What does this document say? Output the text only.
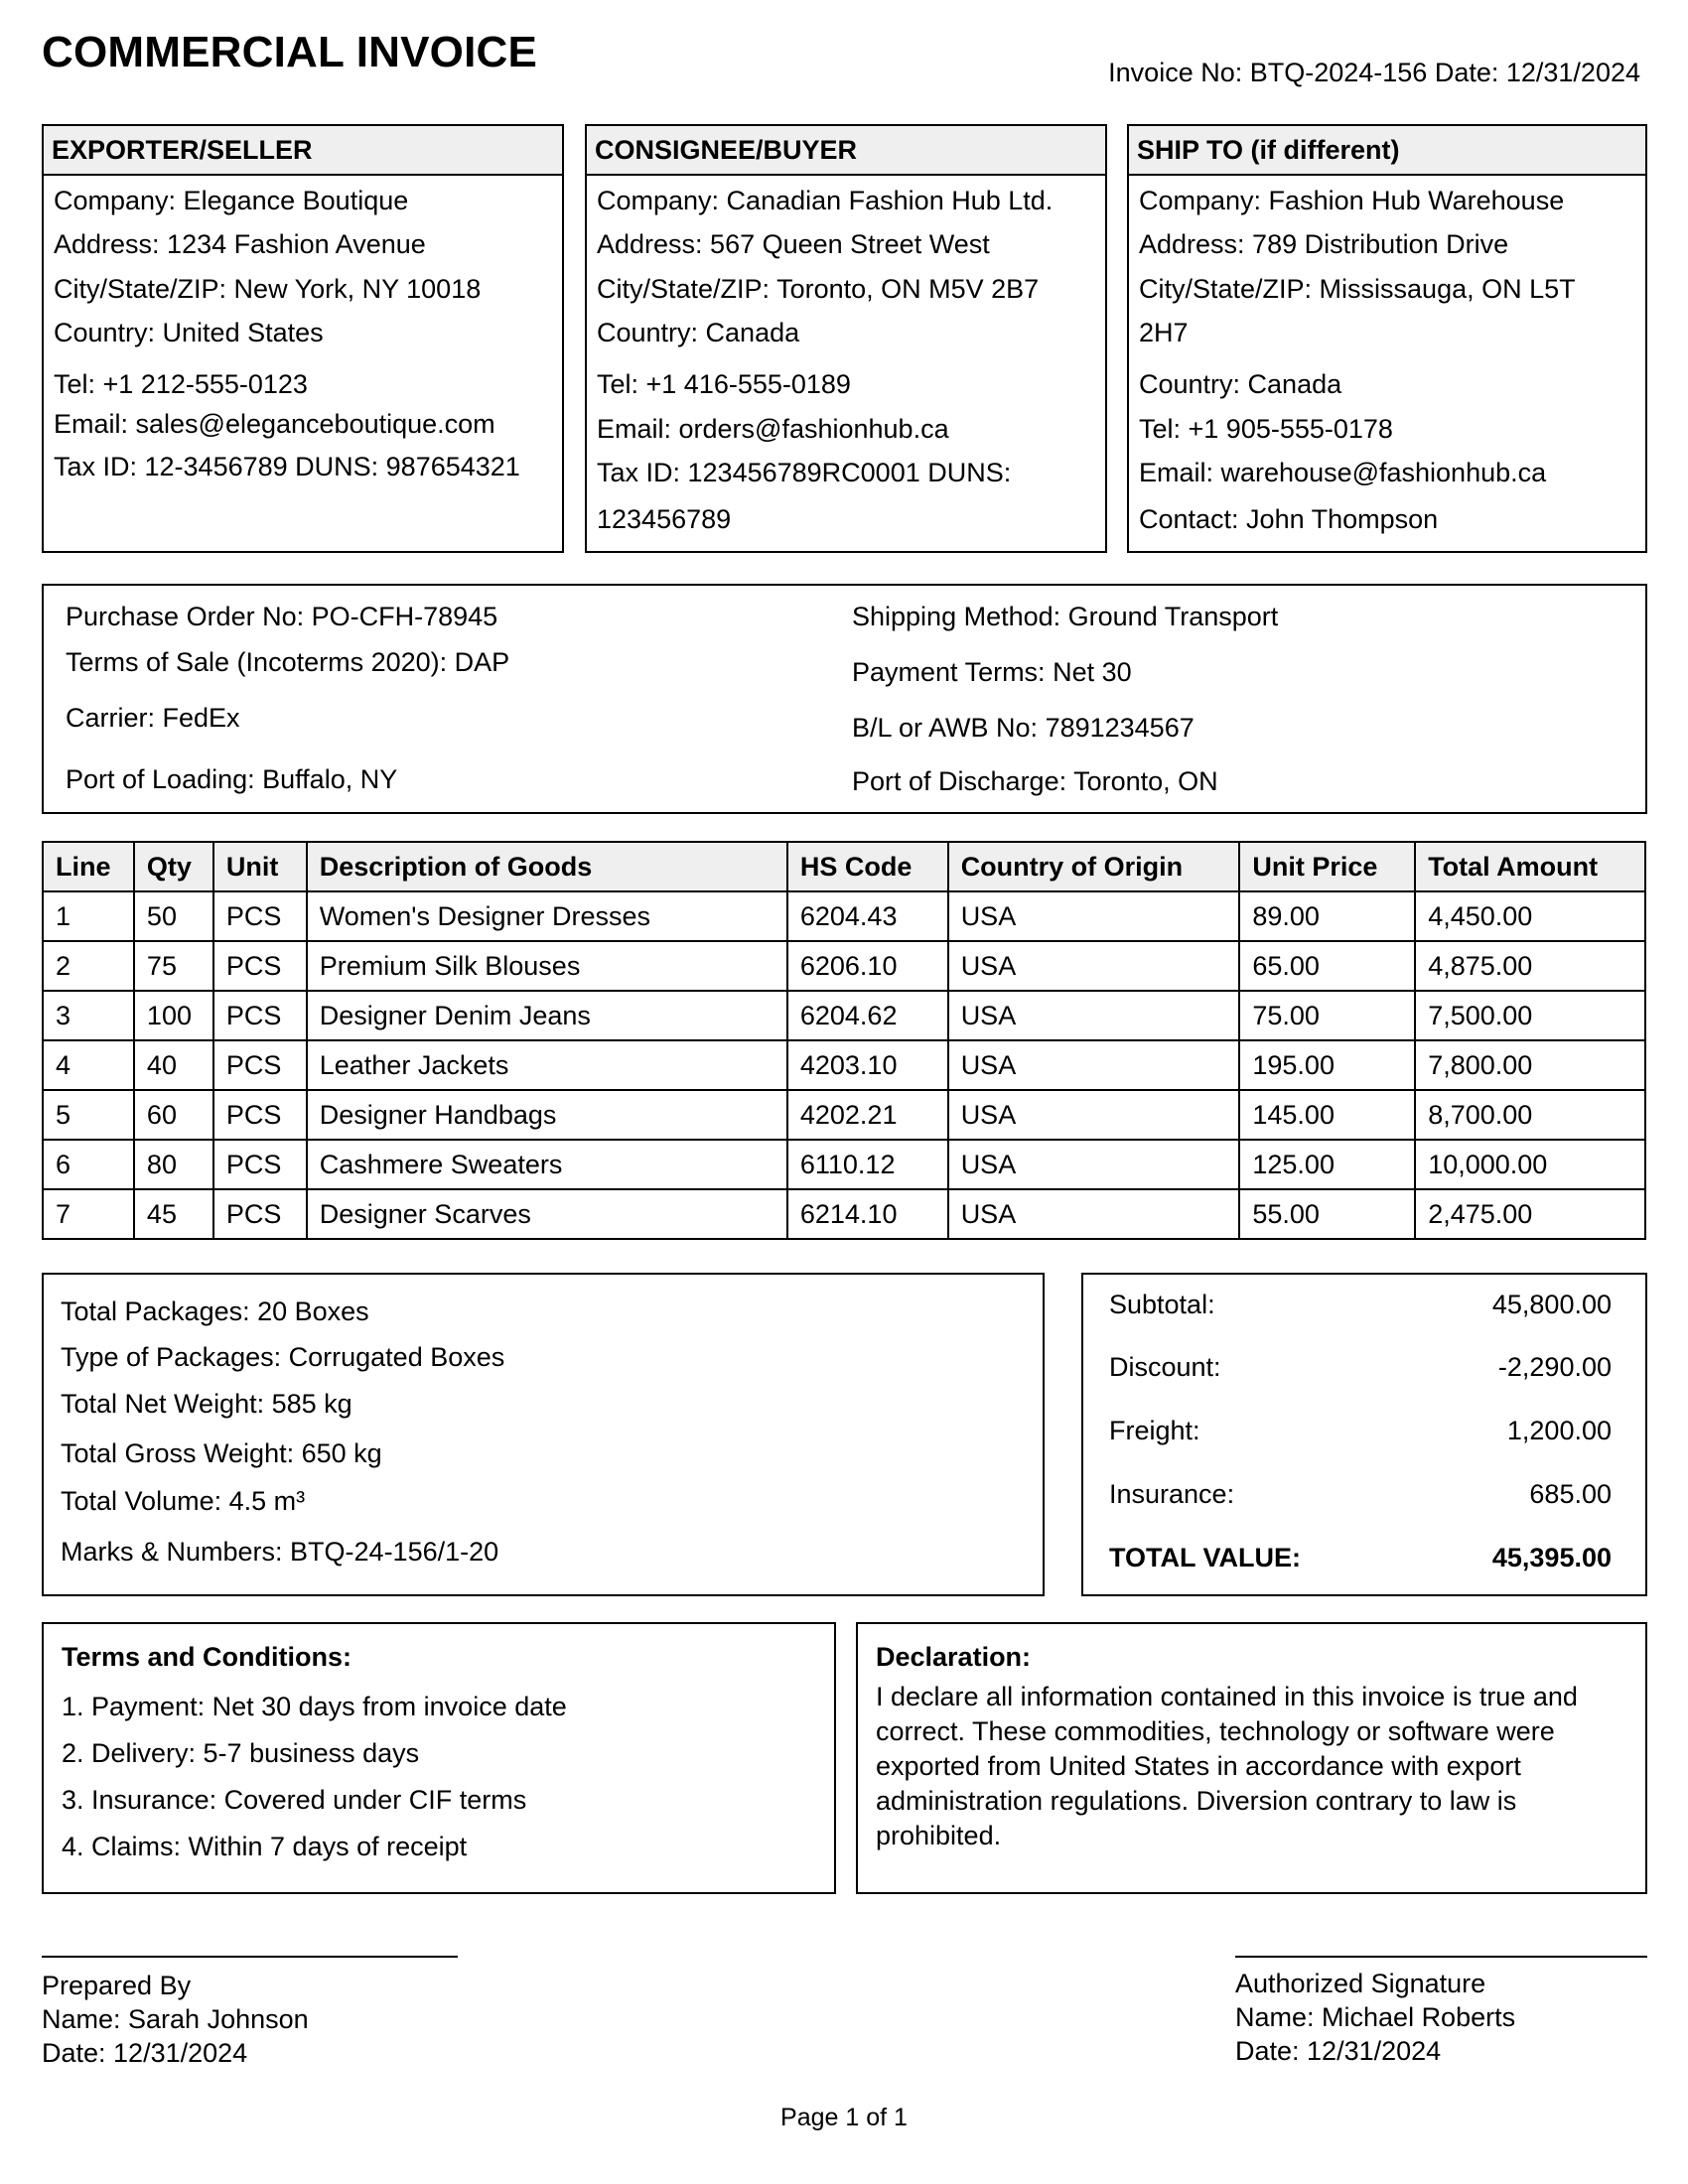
COMMERCIAL INVOICE	Invoice No: BTQ-2024-156 Date: 12/31/2024
EXPORTER/SELLER
Company: Elegance Boutique
Address: 1234 Fashion Avenue
City/State/ZIP: New York, NY 10018
Country: United States
Tel: +1 212-555-0123
Email: sales@eleganceboutique.com
Tax ID: 12-3456789 DUNS: 987654321
CONSIGNEE/BUYER
Company: Canadian Fashion Hub Ltd.
Address: 567 Queen Street West
City/State/ZIP: Toronto, ON M5V 2B7
Country: Canada
Tel: +1 416-555-0189
Email: orders@fashionhub.ca
Tax ID: 123456789RC0001 DUNS:
123456789
SHIP TO (if different)
Company: Fashion Hub Warehouse
Address: 789 Distribution Drive
City/State/ZIP: Mississauga, ON L5T
2H7
Country: Canada
Tel: +1 905-555-0178
Email: warehouse@fashionhub.ca
Contact: John Thompson
Purchase Order No: PO-CFH-78945
Terms of Sale (Incoterms 2020): DAP
Carrier: FedEx
Port of Loading: Buffalo, NY
Shipping Method: Ground Transport
Payment Terms: Net 30
B/L or AWB No: 7891234567
Port of Discharge: Toronto, ON
Line	Qty	Unit	Description of Goods	HS Code	Country of Origin	Unit Price	Total Amount
1	50	PCS	Women's Designer Dresses	6204.43	USA	89.00	4,450.00
2	75	PCS	Premium Silk Blouses	6206.10	USA	65.00	4,875.00
3	100	PCS	Designer Denim Jeans	6204.62	USA	75.00	7,500.00
4	40	PCS	Leather Jackets	4203.10	USA	195.00	7,800.00
5	60	PCS	Designer Handbags	4202.21	USA	145.00	8,700.00
6	80	PCS	Cashmere Sweaters	6110.12	USA	125.00	10,000.00
7	45	PCS	Designer Scarves	6214.10	USA	55.00	2,475.00
Total Packages: 20 Boxes
Type of Packages: Corrugated Boxes
Total Net Weight: 585 kg
Total Gross Weight: 650 kg
Total Volume: 4.5 m³
Marks & Numbers: BTQ-24-156/1-20
Subtotal:	45,800.00
Discount:	-2,290.00
Freight:	1,200.00
Insurance:	685.00
TOTAL VALUE:	45,395.00
Terms and Conditions:
1. Payment: Net 30 days from invoice date
2. Delivery: 5-7 business days
3. Insurance: Covered under CIF terms
4. Claims: Within 7 days of receipt
Declaration:
I declare all information contained in this invoice is true and correct. These commodities, technology or software were exported from United States in accordance with export administration regulations. Diversion contrary to law is prohibited.
Prepared By
Name: Sarah Johnson
Date: 12/31/2024
Authorized Signature
Name: Michael Roberts
Date: 12/31/2024
Page 1 of 1
